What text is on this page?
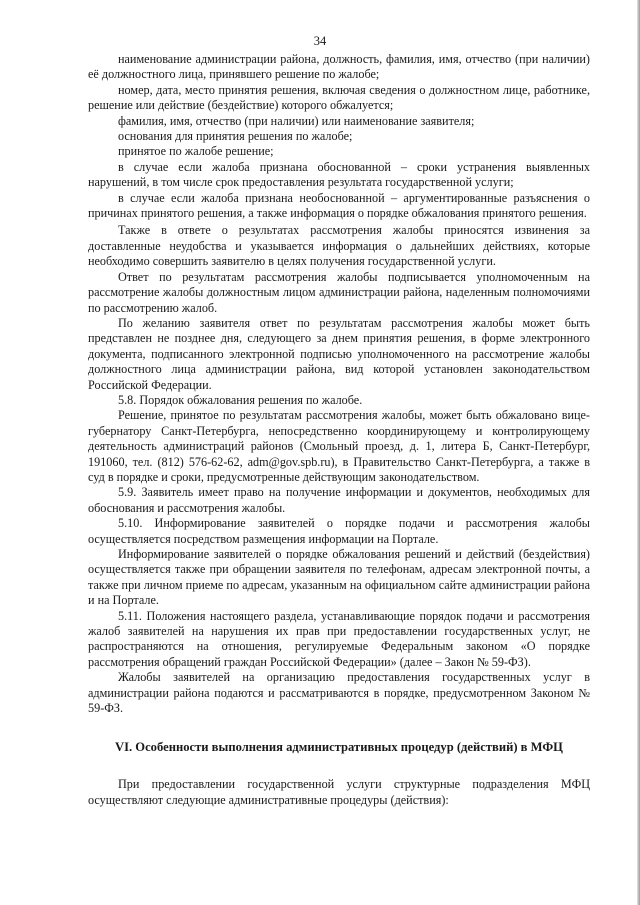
34

наименование администрации района, должность, фамилия, имя, отчество (при наличии) её должностного лица, принявшего решение по жалобе;

номер, дата, место принятия решения, включая сведения о должностном лице, работнике, решение или действие (бездействие) которого обжалуется;

фамилия, имя, отчество (при наличии) или наименование заявителя;

основания для принятия решения по жалобе;

принятое по жалобе решение;

в случае если жалоба признана обоснованной – сроки устранения выявленных нарушений, в том числе срок предоставления результата государственной услуги;

в случае если жалоба признана необоснованной – аргументированные разъяснения о причинах принятого решения, а также информация о порядке обжалования принятого решения.

Также в ответе о результатах рассмотрения жалобы приносятся извинения за доставленные неудобства и указывается информация о дальнейших действиях, которые необходимо совершить заявителю в целях получения государственной услуги.

Ответ по результатам рассмотрения жалобы подписывается уполномоченным на рассмотрение жалобы должностным лицом администрации района, наделенным полномочиями по рассмотрению жалоб.

По желанию заявителя ответ по результатам рассмотрения жалобы может быть представлен не позднее дня, следующего за днем принятия решения, в форме электронного документа, подписанного электронной подписью уполномоченного на рассмотрение жалобы должностного лица администрации района, вид которой установлен законодательством Российской Федерации.

5.8. Порядок обжалования решения по жалобе.

Решение, принятое по результатам рассмотрения жалобы, может быть обжаловано вице-губернатору Санкт-Петербурга, непосредственно координирующему и контролирующему деятельность администраций районов (Смольный проезд, д. 1, литера Б, Санкт-Петербург, 191060, тел. (812) 576-62-62, adm@gov.spb.ru), в Правительство Санкт-Петербурга, а также в суд в порядке и сроки, предусмотренные действующим законодательством.

5.9. Заявитель имеет право на получение информации и документов, необходимых для обоснования и рассмотрения жалобы.

5.10. Информирование заявителей о порядке подачи и рассмотрения жалобы осуществляется посредством размещения информации на Портале.

Информирование заявителей о порядке обжалования решений и действий (бездействия) осуществляется также при обращении заявителя по телефонам, адресам электронной почты, а также при личном приеме по адресам, указанным на официальном сайте администрации района и на Портале.

5.11. Положения настоящего раздела, устанавливающие порядок подачи и рассмотрения жалоб заявителей на нарушения их прав при предоставлении государственных услуг, не распространяются на отношения, регулируемые Федеральным законом «О порядке рассмотрения обращений граждан Российской Федерации» (далее – Закон № 59-ФЗ).

Жалобы заявителей на организацию предоставления государственных услуг в администрации района подаются и рассматриваются в порядке, предусмотренном Законом № 59-ФЗ.

VI. Особенности выполнения административных процедур (действий) в МФЦ

При предоставлении государственной услуги структурные подразделения МФЦ осуществляют следующие административные процедуры (действия):
